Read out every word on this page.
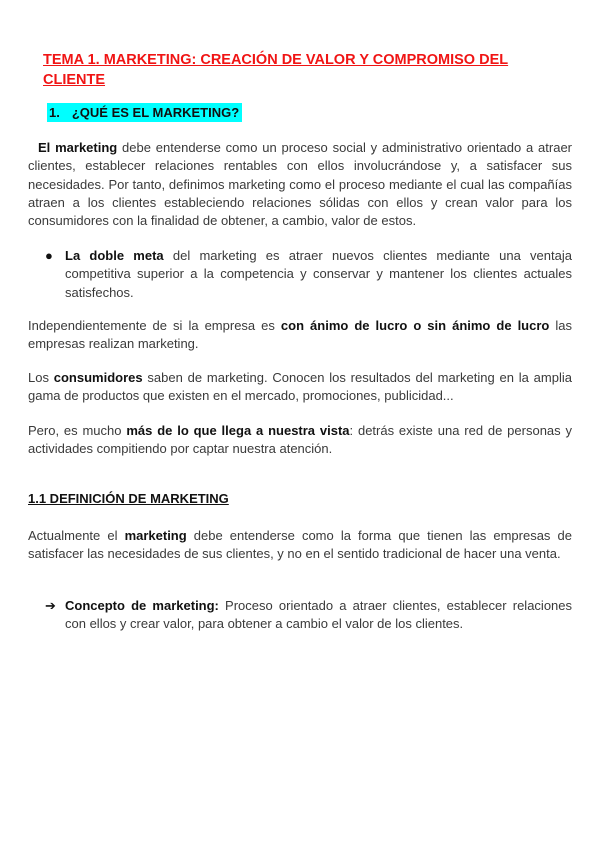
TEMA 1. MARKETING: CREACIÓN DE VALOR Y COMPROMISO DEL CLIENTE
1. ¿QUÉ ES EL MARKETING?
El marketing debe entenderse como un proceso social y administrativo orientado a atraer clientes, establecer relaciones rentables con ellos involucrándose y, a satisfacer sus necesidades. Por tanto, definimos marketing como el proceso mediante el cual las compañías atraen a los clientes estableciendo relaciones sólidas con ellos y crean valor para los consumidores con la finalidad de obtener, a cambio, valor de estos.
● La doble meta del marketing es atraer nuevos clientes mediante una ventaja competitiva superior a la competencia y conservar y mantener los clientes actuales satisfechos.
Independientemente de si la empresa es con ánimo de lucro o sin ánimo de lucro las empresas realizan marketing.
Los consumidores saben de marketing. Conocen los resultados del marketing en la amplia gama de productos que existen en el mercado, promociones, publicidad...
Pero, es mucho más de lo que llega a nuestra vista: detrás existe una red de personas y actividades compitiendo por captar nuestra atención.
1.1 DEFINICIÓN DE MARKETING
Actualmente el marketing debe entenderse como la forma que tienen las empresas de satisfacer las necesidades de sus clientes, y no en el sentido tradicional de hacer una venta.
➔ Concepto de marketing: Proceso orientado a atraer clientes, establecer relaciones con ellos y crear valor, para obtener a cambio el valor de los clientes.
